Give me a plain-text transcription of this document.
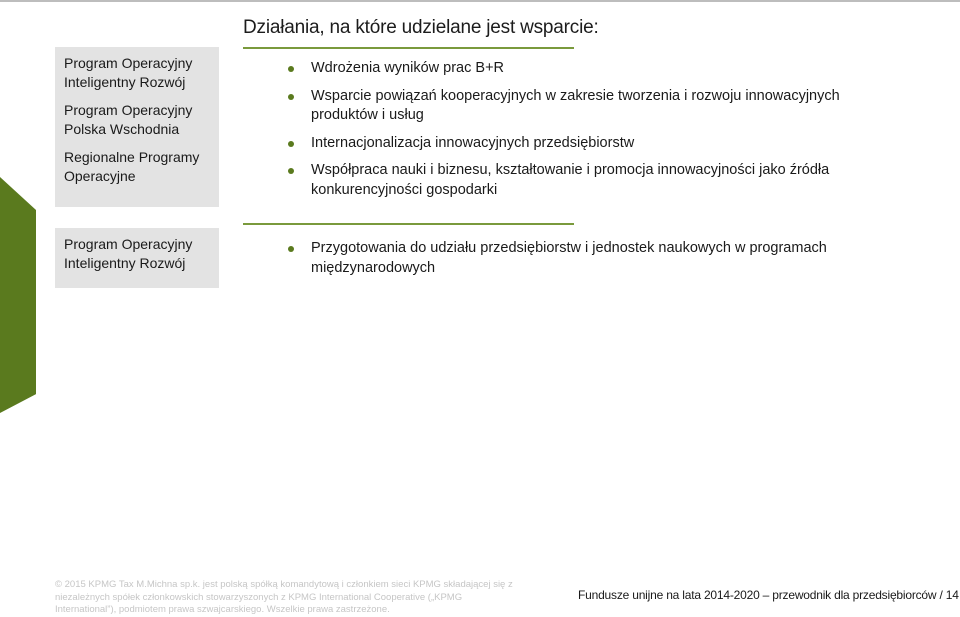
Działania, na które udzielane jest wsparcie:

Program Operacyjny Inteligentny Rozwój

Program Operacyjny Polska Wschodnia

Regionalne Programy Operacyjne

Wdrożenia wyników prac B+R
Wsparcie powiązań kooperacyjnych w zakresie tworzenia i rozwoju innowacyjnych produktów i usług
Internacjonalizacja innowacyjnych przedsiębiorstw
Współpraca nauki i biznesu, kształtowanie i promocja innowacyjności jako źródła konkurencyjności gospodarki

Program Operacyjny Inteligentny Rozwój

Przygotowania do udziału przedsiębiorstw i jednostek naukowych w programach międzynarodowych
© 2015 KPMG Tax M.Michna sp.k. jest polską spółką komandytową i członkiem sieci KPMG składającej się z niezależnych spółek członkowskich stowarzyszonych z KPMG International Cooperative („KPMG International”), podmiotem prawa szwajcarskiego. Wszelkie prawa zastrzeżone.
Fundusze unijne na lata 2014-2020 – przewodnik dla przedsiębiorców / 14
